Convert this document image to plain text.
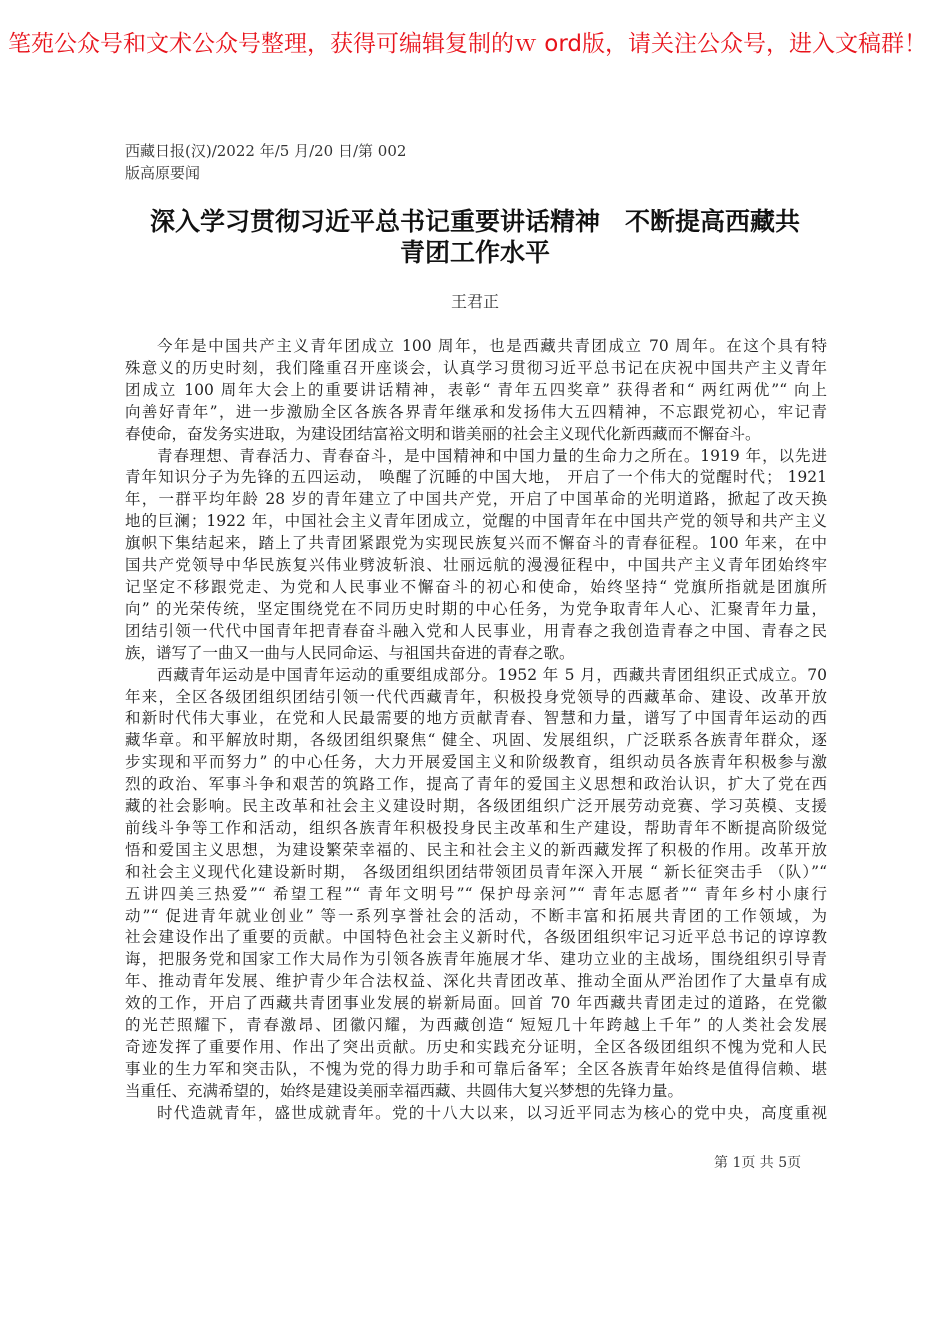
笔苑公众号和文术公众号整理，获得可编辑复制的ｗ ord版，请关注公众号，进入文稿群！
西藏日报(汉)/2022 年/5 月/20 日/第 002
版高原要闻
深入学习贯彻习近平总书记重要讲话精神　不断提高西藏共
青团工作水平
王君正
今年是中国共产主义青年团成立 100 周年，也是西藏共青团成立 70 周年。在这个具有特
殊意义的历史时刻，我们隆重召开座谈会，认真学习贯彻习近平总书记在庆祝中国共产主义青年
团成立 100 周年大会上的重要讲话精神，表彰“ 青年五四奖章” 获得者和“ 两红两优”“ 向上
向善好青年”，进一步激励全区各族各界青年继承和发扬伟大五四精神，不忘跟党初心，牢记青
春使命，奋发务实进取，为建设团结富裕文明和谐美丽的社会主义现代化新西藏而不懈奋斗。
青春理想、青春活力、青春奋斗，是中国精神和中国力量的生命力之所在。1919 年，以先进
青年知识分子为先锋的五四运动， 唤醒了沉睡的中国大地， 开启了一个伟大的觉醒时代； 1921
年，一群平均年龄 28 岁的青年建立了中国共产党，开启了中国革命的光明道路，掀起了改天换
地的巨澜；1922 年，中国社会主义青年团成立，觉醒的中国青年在中国共产党的领导和共产主义
旗帜下集结起来，踏上了共青团紧跟党为实现民族复兴而不懈奋斗的青春征程。100 年来，在中
国共产党领导中华民族复兴伟业劈波斩浪、壮丽远航的漫漫征程中，中国共产主义青年团始终牢
记坚定不移跟党走、为党和人民事业不懈奋斗的初心和使命，始终坚持“ 党旗所指就是团旗所
向” 的光荣传统，坚定围绕党在不同历史时期的中心任务，为党争取青年人心、汇聚青年力量，
团结引领一代代中国青年把青春奋斗融入党和人民事业，用青春之我创造青春之中国、青春之民
族，谱写了一曲又一曲与人民同命运、与祖国共奋进的青春之歌。
西藏青年运动是中国青年运动的重要组成部分。1952 年 5 月，西藏共青团组织正式成立。70
年来，全区各级团组织团结引领一代代西藏青年，积极投身党领导的西藏革命、建设、改革开放
和新时代伟大事业，在党和人民最需要的地方贡献青春、智慧和力量，谱写了中国青年运动的西
藏华章。和平解放时期，各级团组织聚焦“ 健全、巩固、发展组织，广泛联系各族青年群众，逐
步实现和平而努力” 的中心任务，大力开展爱国主义和阶级教育，组织动员各族青年积极参与激
烈的政治、军事斗争和艰苦的筑路工作，提高了青年的爱国主义思想和政治认识，扩大了党在西
藏的社会影响。民主改革和社会主义建设时期，各级团组织广泛开展劳动竞赛、学习英模、支援
前线斗争等工作和活动，组织各族青年积极投身民主改革和生产建设，帮助青年不断提高阶级觉
悟和爱国主义思想，为建设繁荣幸福的、民主和社会主义的新西藏发挥了积极的作用。改革开放
和社会主义现代化建设新时期， 各级团组织团结带领团员青年深入开展 “ 新长征突击手 （队）”“
五讲四美三热爱”“ 希望工程”“ 青年文明号”“ 保护母亲河”“ 青年志愿者”“ 青年乡村小康行
动”“ 促进青年就业创业” 等一系列享誉社会的活动，不断丰富和拓展共青团的工作领域，为
社会建设作出了重要的贡献。中国特色社会主义新时代，各级团组织牢记习近平总书记的谆谆教
诲，把服务党和国家工作大局作为引领各族青年施展才华、建功立业的主战场，围绕组织引导青
年、推动青年发展、维护青少年合法权益、深化共青团改革、推动全面从严治团作了大量卓有成
效的工作，开启了西藏共青团事业发展的崭新局面。回首 70 年西藏共青团走过的道路，在党徽
的光芒照耀下，青春激昂、团徽闪耀，为西藏创造“ 短短几十年跨越上千年” 的人类社会发展
奇迹发挥了重要作用、作出了突出贡献。历史和实践充分证明，全区各级团组织不愧为党和人民
事业的生力军和突击队，不愧为党的得力助手和可靠后备军；全区各族青年始终是值得信赖、堪
当重任、充满希望的，始终是建设美丽幸福西藏、共圆伟大复兴梦想的先锋力量。
时代造就青年，盛世成就青年。党的十八大以来，以习近平同志为核心的党中央，高度重视
第 1页 共 5页
